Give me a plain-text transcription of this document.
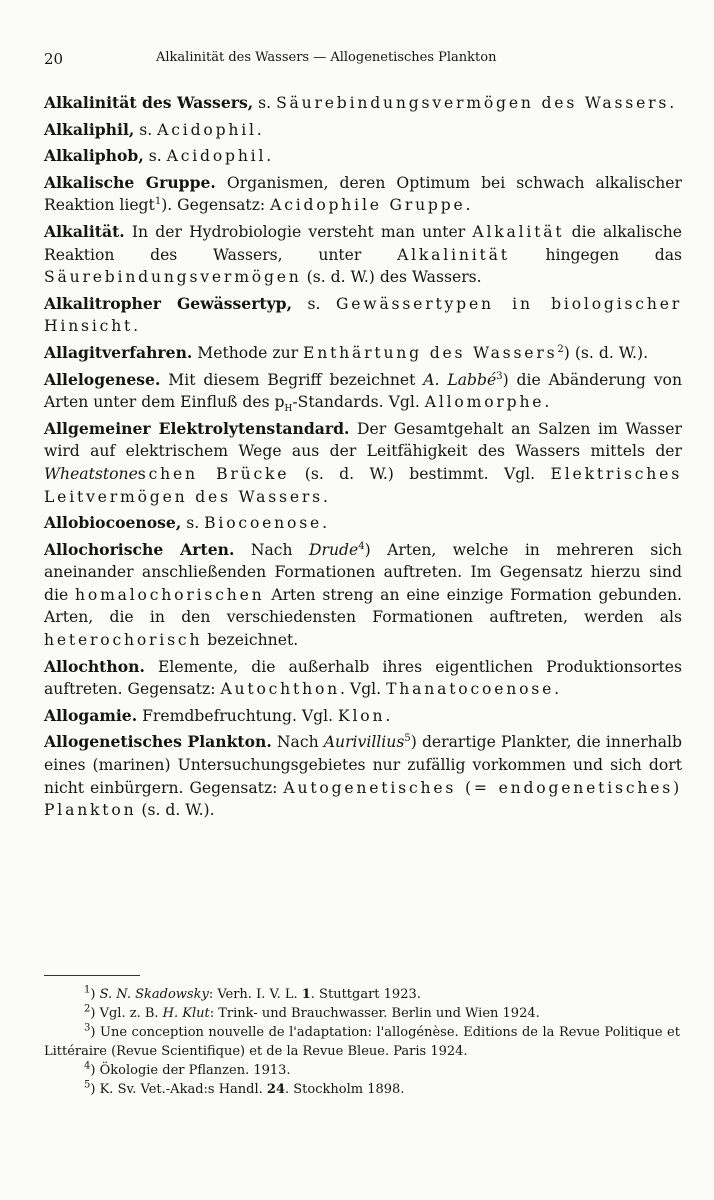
20	Alkalinität des Wassers — Allogenetisches Plankton

Alkalinität des Wassers, s. Säurebindungsvermögen des Wassers.

Alkaliphil, s. Acidophil.

Alkaliphob, s. Acidophil.

Alkalische Gruppe. Organismen, deren Optimum bei schwach alkalischer Reaktion liegt$^1$). Gegensatz: Acidophile Gruppe.

Alkalität. In der Hydrobiologie versteht man unter Alkalität die alkalische Reaktion des Wassers, unter Alkalinität hingegen das Säurebindungsvermögen (s. d. W.) des Wassers.

Alkalitropher Gewässertyp, s. Gewässertypen in biologischer Hinsicht.

Allagitverfahren. Methode zur Enthärtung des Wassers$^2$) (s. d. W.).

Allelogenese. Mit diesem Begriff bezeichnet A. Labbé$^3$) die Abänderung von Arten unter dem Einfluß des $p_H$-Standards. Vgl. Allomorphe.

Allgemeiner Elektrolytenstandard. Der Gesamtgehalt an Salzen im Wasser wird auf elektrischem Wege aus der Leitfähigkeit des Wassers mittels der Wheatstoneschen Brücke (s. d. W.) bestimmt. Vgl. Elektrisches Leitvermögen des Wassers.

Allobiocoenose, s. Biocoenose.

Allochorische Arten. Nach Drude$^4$) Arten, welche in mehreren sich aneinander anschließenden Formationen auftreten. Im Gegensatz hierzu sind die homalochorischen Arten streng an eine einzige Formation gebunden. Arten, die in den verschiedensten Formationen auftreten, werden als heterochorisch bezeichnet.

Allochthon. Elemente, die außerhalb ihres eigentlichen Produktionsortes auftreten. Gegensatz: Autochthon. Vgl. Thanatocoenose.

Allogamie. Fremdbefruchtung. Vgl. Klon.

Allogenetisches Plankton. Nach Aurivillius$^5$) derartige Plankter, die innerhalb eines (marinen) Untersuchungsgebietes nur zufällig vorkommen und sich dort nicht einbürgern. Gegensatz: Autogenetisches (= endogenetisches) Plankton (s. d. W.).

$^1$) S. N. Skadowsky: Verh. I. V. L. 1. Stuttgart 1923.

$^2$) Vgl. z. B. H. Klut: Trink- und Brauchwasser. Berlin und Wien 1924.

$^3$) Une conception nouvelle de l'adaptation: l'allogénèse. Editions de la Revue Politique et Littéraire (Revue Scientifique) et de la Revue Bleue. Paris 1924.

$^4$) Ökologie der Pflanzen. 1913.

$^5$) K. Sv. Vet.-Akad:s Handl. 24. Stockholm 1898.
